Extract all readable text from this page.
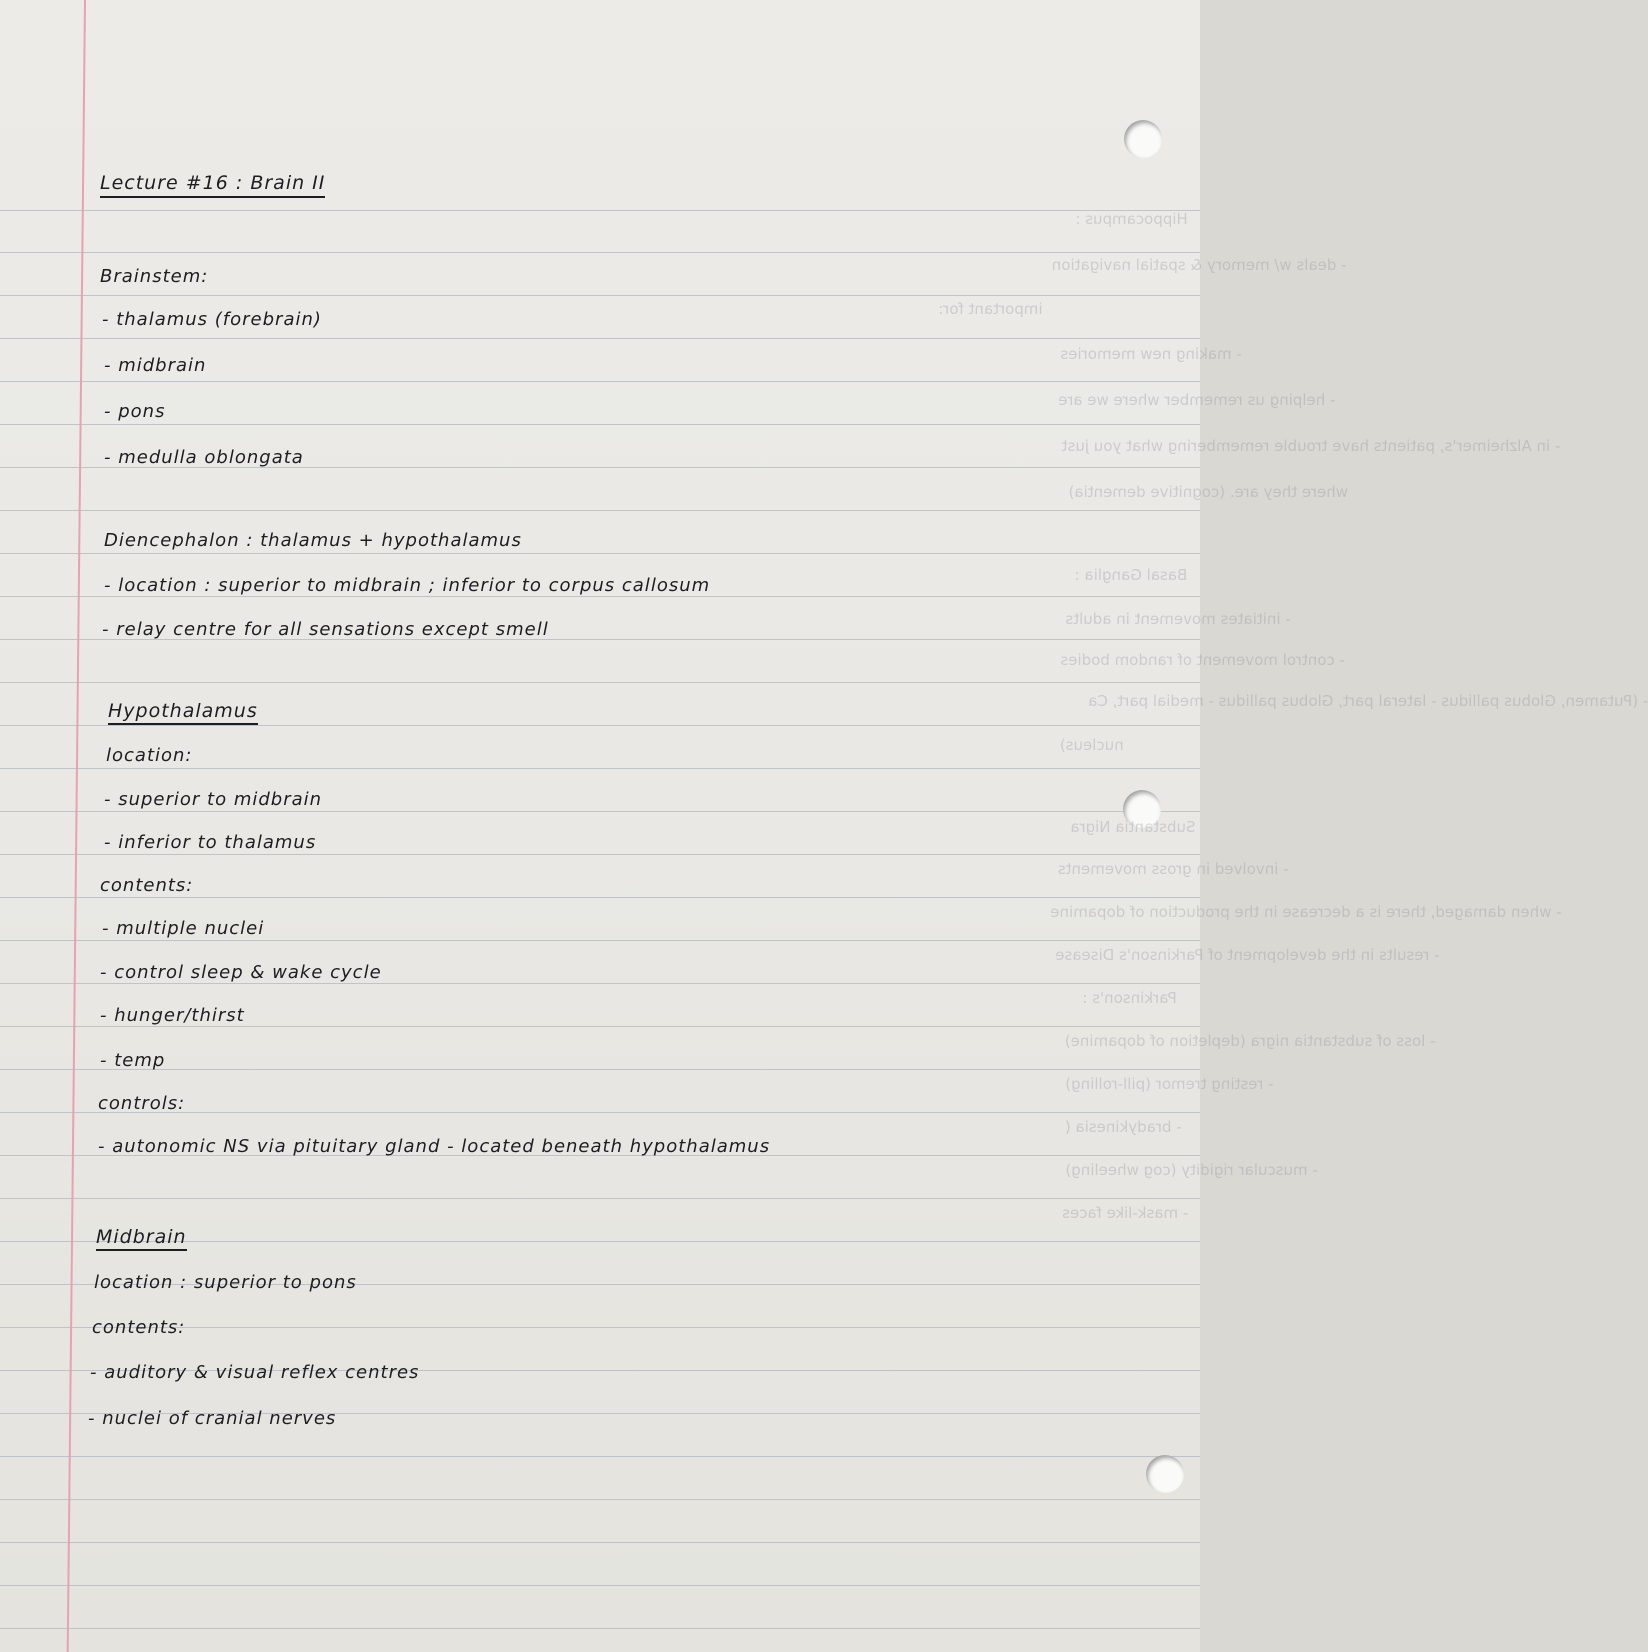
Hippocampus :
- deals w/ memory & spatial navigation
important for:
- making new memories
- helping us remember where we are
- in Alzheimer's, patients have trouble remembering what you just
where they are. (cognitive dementia)
Basal Ganglia :
- initiates movement in adults
- control movement of random bodies
- (Putamen, Globus pallidus - lateral part, Globus pallidus - medial part, Ca
nucleus)
Substantia Nigra
- involved in gross movements
- when damaged, there is a decrease in the production of dopamine
- results in the development of Parkinson's Disease
Parkinson's :
- loss of substantia nigra (depletion of dopamine)
- resting tremor (pill-rolling)
- bradykinesia (
- muscular rigidity (cog wheeling)
- mask-like faces
Lecture #16 : Brain II
Brainstem:
- thalamus (forebrain)
- midbrain
- pons
- medulla oblongata
Diencephalon : thalamus + hypothalamus
- location : superior to midbrain ; inferior to corpus callosum
- relay centre for all sensations except smell
Hypothalamus
location:
- superior to midbrain
- inferior to thalamus
contents:
- multiple nuclei
- control sleep & wake cycle
- hunger/thirst
- temp
controls:
- autonomic NS via pituitary gland - located beneath hypothalamus
Midbrain
location : superior to pons
contents:
- auditory & visual reflex centres
- nuclei of cranial nerves
